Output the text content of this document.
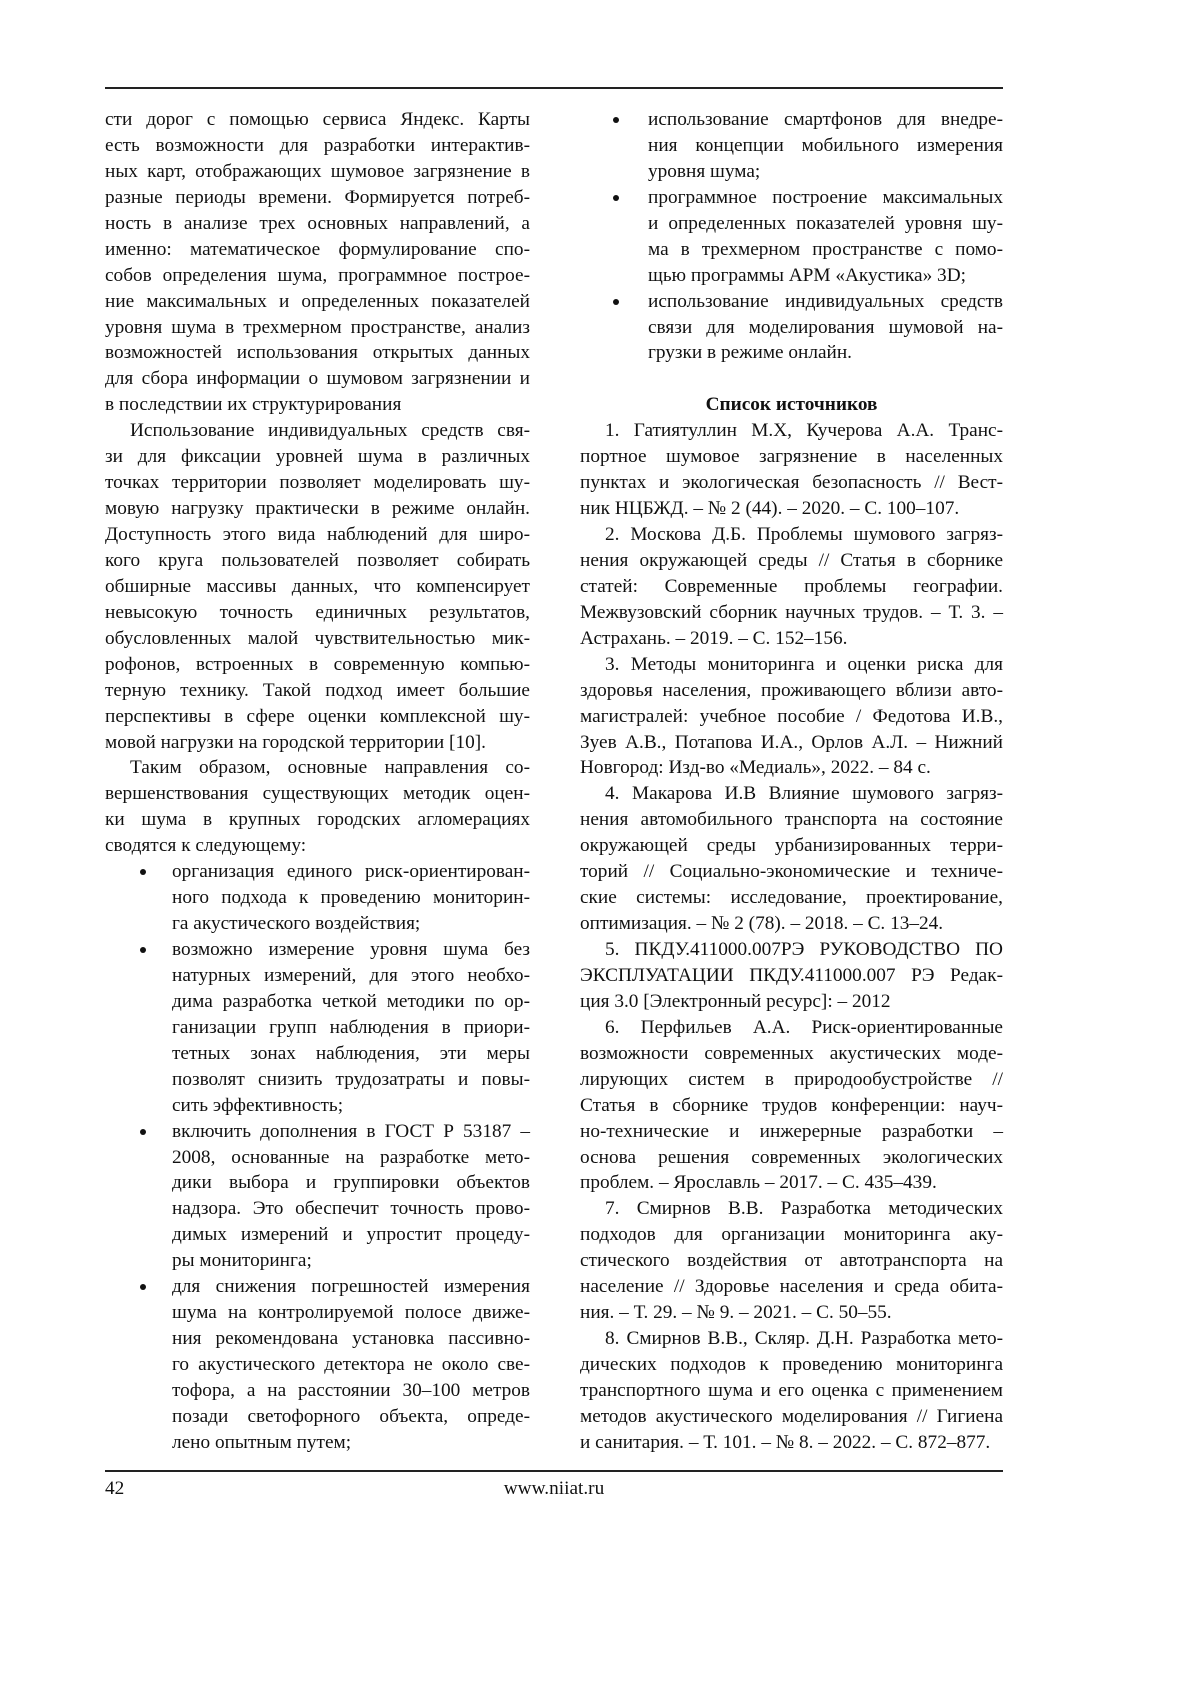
сти дорог с помощью сервиса Яндекс. Карты
есть возможности для разработки интерактив-
ных карт, отображающих шумовое загрязнение в
разные периоды времени. Формируется потреб-
ность в анализе трех основных направлений, а
именно: математическое формулирование спо-
собов определения шума, программное построе-
ние максимальных и определенных показателей
уровня шума в трехмерном пространстве, анализ
возможностей использования открытых данных
для сбора информации о шумовом загрязнении и
в последствии их структурирования
Использование индивидуальных средств свя-
зи для фиксации уровней шума в различных
точках территории позволяет моделировать шу-
мовую нагрузку практически в режиме онлайн.
Доступность этого вида наблюдений для широ-
кого круга пользователей позволяет собирать
обширные массивы данных, что компенсирует
невысокую точность единичных результатов,
обусловленных малой чувствительностью мик-
рофонов, встроенных в современную компью-
терную технику. Такой подход имеет большие
перспективы в сфере оценки комплексной шу-
мовой нагрузки на городской территории [10].
Таким образом, основные направления со-
вершенствования существующих методик оцен-
ки шума в крупных городских агломерациях
сводятся к следующему:
организация единого риск-ориентирован-
ного подхода к проведению мониторин-
га акустического воздействия;
возможно измерение уровня шума без
натурных измерений, для этого необхо-
дима разработка четкой методики по ор-
ганизации групп наблюдения в приори-
тетных зонах наблюдения, эти меры
позволят снизить трудозатраты и повы-
сить эффективность;
включить дополнения в ГОСТ Р 53187 –
2008, основанные на разработке мето-
дики выбора и группировки объектов
надзора. Это обеспечит точность прово-
димых измерений и упростит процеду-
ры мониторинга;
для снижения погрешностей измерения
шума на контролируемой полосе движе-
ния рекомендована установка пассивно-
го акустического детектора не около све-
тофора, а на расстоянии 30–100 метров
позади светофорного объекта, опреде-
лено опытным путем;
использование смартфонов для внедре-
ния концепции мобильного измерения
уровня шума;
программное построение максимальных
и определенных показателей уровня шу-
ма в трехмерном пространстве с помо-
щью программы АРМ «Акустика» 3D;
использование индивидуальных средств
связи для моделирования шумовой на-
грузки в режиме онлайн.
Список источников
1. Гатиятуллин М.Х, Кучерова А.А. Транс-
портное шумовое загрязнение в населенных
пунктах и экологическая безопасность // Вест-
ник НЦБЖД. – № 2 (44). – 2020. – С. 100–107.
2. Москова Д.Б. Проблемы шумового загряз-
нения окружающей среды // Статья в сборнике
статей: Современные проблемы географии.
Межвузовский сборник научных трудов. – Т. 3. –
Астрахань. – 2019. – С. 152–156.
3. Методы мониторинга и оценки риска для
здоровья населения, проживающего вблизи авто-
магистралей: учебное пособие / Федотова И.В.,
Зуев А.В., Потапова И.А., Орлов А.Л. – Нижний
Новгород: Изд-во «Медиаль», 2022. – 84 с.
4. Макарова И.В Влияние шумового загряз-
нения автомобильного транспорта на состояние
окружающей среды урбанизированных терри-
торий // Социально-экономические и техниче-
ские системы: исследование, проектирование,
оптимизация. – № 2 (78). – 2018. – С. 13–24.
5. ПКДУ.411000.007РЭ РУКОВОДСТВО ПО
ЭКСПЛУАТАЦИИ ПКДУ.411000.007 РЭ Редак-
ция 3.0 [Электронный ресурс]: – 2012
6. Перфильев А.А. Риск-ориентированные
возможности современных акустических моде-
лирующих систем в природообустройстве //
Статья в сборнике трудов конференции: науч-
но-технические и инжерерные разработки –
основа решения современных экологических
проблем. – Ярославль – 2017. – С. 435–439.
7. Смирнов В.В. Разработка методических
подходов для организации мониторинга аку-
стического воздействия от автотранспорта на
население // Здоровье населения и среда обита-
ния. – Т. 29. – № 9. – 2021. – С. 50–55.
8. Смирнов В.В., Скляр. Д.Н. Разработка мето-
дических подходов к проведению мониторинга
транспортного шума и его оценка с применением
методов акустического моделирования // Гигиена
и санитария. – Т. 101. – № 8. – 2022. – С. 872–877.
42	www.niiat.ru
